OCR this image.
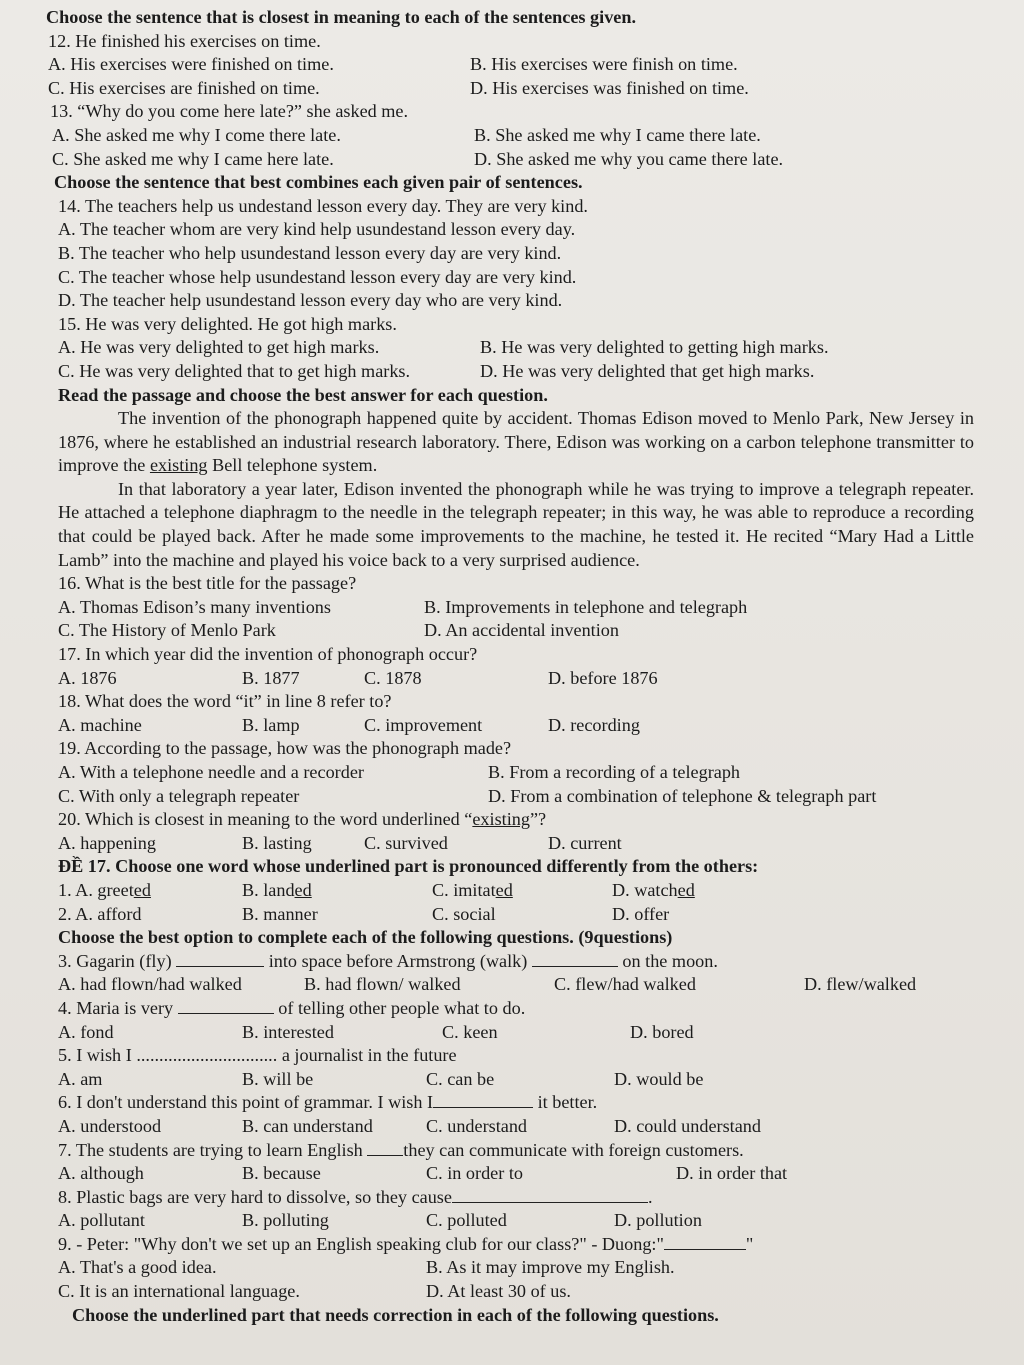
Choose the sentence that is closest in meaning to each of the sentences given.
12. He finished his exercises on time.
A. His exercises were finished on time.	B. His exercises were finish on time.
C. His exercises are finished on time.	D. His exercises was finished on time.
13. “Why do you come here late?” she asked me.
A. She asked me why I come there late.	B. She asked me why I came there late.
C. She asked me why I came here late.	D. She asked me why you came there late.
Choose the sentence that best combines each given pair of sentences.
14. The teachers help us undestand lesson every day. They are very kind.
A. The teacher whom are very kind help usundestand lesson every day.
B. The teacher who help usundestand lesson every day are very kind.
C. The teacher whose help usundestand lesson every day are very kind.
D. The teacher help usundestand lesson every day who are very kind.
15. He was very delighted. He got high marks.
A. He was very delighted to get high marks.	B. He was very delighted to getting high marks.
C. He was very delighted that to get high marks.	D. He was very delighted that get high marks.
Read the passage and choose the best answer for each question.
The invention of the phonograph happened quite by accident. Thomas Edison moved to Menlo Park, New Jersey in 1876, where he established an industrial research laboratory. There, Edison was working on a carbon telephone transmitter to improve the existing Bell telephone system.
In that laboratory a year later, Edison invented the phonograph while he was trying to improve a telegraph repeater. He attached a telephone diaphragm to the needle in the telegraph repeater; in this way, he was able to reproduce a recording that could be played back. After he made some improvements to the machine, he tested it. He recited “Mary Had a Little Lamb” into the machine and played his voice back to a very surprised audience.
16. What is the best title for the passage?
A. Thomas Edison’s many inventions	B. Improvements in telephone and telegraph
C. The History of Menlo Park	D. An accidental invention
17. In which year did the invention of phonograph occur?
A. 1876	B. 1877	C. 1878	D. before 1876
18. What does the word “it” in line 8 refer to?
A. machine	B. lamp	C. improvement	D. recording
19. According to the passage, how was the phonograph made?
A. With a telephone needle and a recorder	B. From a recording of a telegraph
C. With only a telegraph repeater	D. From a combination of telephone & telegraph part
20. Which is closest in meaning to the word underlined “existing”?
A. happening	B. lasting	C. survived	D. current
ĐỀ 17. Choose one word whose underlined part is pronounced differently from the others:
1. A. greeted	B. landed	C. imitated	D. watched
2. A. afford	B. manner	C. social	D. offer
Choose the best option to complete each of the following questions. (9questions)
3. Gagarin (fly)	into space before Armstrong (walk)	on the moon.
A. had flown/had walked	B. had flown/ walked	C. flew/had walked	D. flew/walked
4. Maria is very	of telling other people what to do.
A. fond	B. interested	C. keen	D. bored
5. I wish I ............................... a journalist in the future
A. am	B. will be	C. can be	D. would be
6. I don't understand this point of grammar. I wish I	it better.
A. understood	B. can understand	C. understand	D. could understand
7. The students are trying to learn English they can communicate with foreign customers.
A. although	B. because	C. in order to	D. in order that
8. Plastic bags are very hard to dissolve, so they cause	.
A. pollutant	B. polluting	C. polluted	D. pollution
9. - Peter: "Why don't we set up an English speaking club for our class?" - Duong:"	"
A. That's a good idea.	B. As it may improve my English.
C. It is an international language.	D. At least 30 of us.
Choose the underlined part that needs correction in each of the following questions.
